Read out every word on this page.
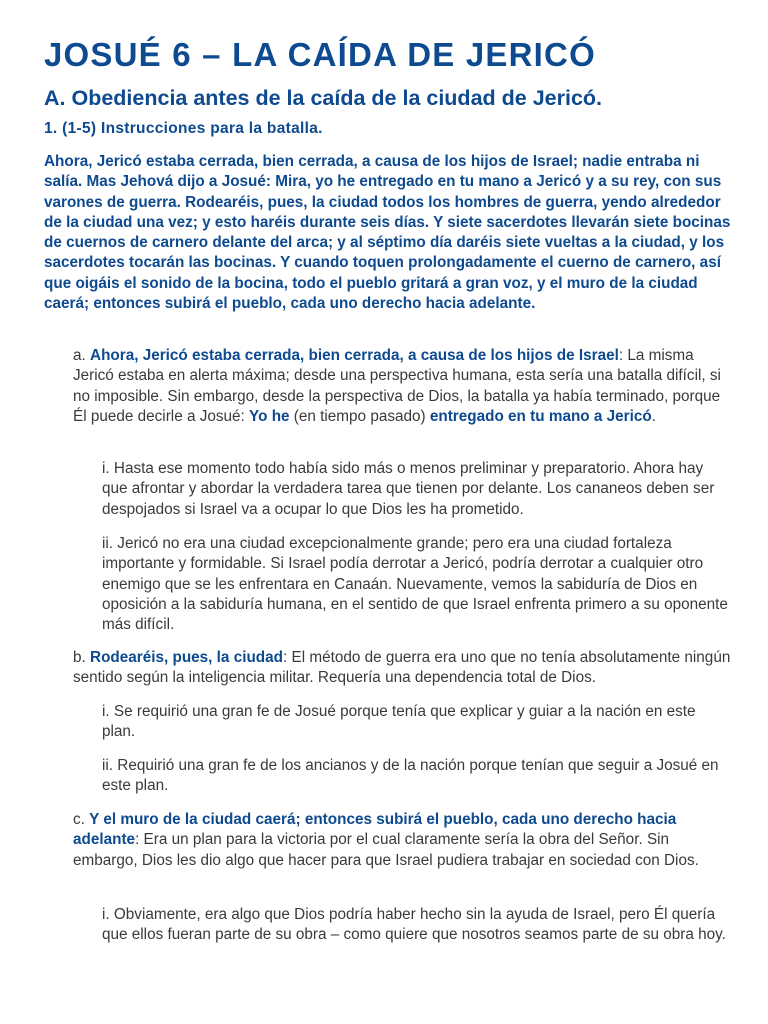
JOSUÉ 6 – LA CAÍDA DE JERICÓ
A. Obediencia antes de la caída de la ciudad de Jericó.
1. (1-5) Instrucciones para la batalla.

Ahora, Jericó estaba cerrada, bien cerrada, a causa de los hijos de Israel; nadie entraba ni salía. Mas Jehová dijo a Josué: Mira, yo he entregado en tu mano a Jericó y a su rey, con sus varones de guerra. Rodearéis, pues, la ciudad todos los hombres de guerra, yendo alrededor de la ciudad una vez; y esto haréis durante seis días. Y siete sacerdotes llevarán siete bocinas de cuernos de carnero delante del arca; y al séptimo día daréis siete vueltas a la ciudad, y los sacerdotes tocarán las bocinas. Y cuando toquen prolongadamente el cuerno de carnero, así que oigáis el sonido de la bocina, todo el pueblo gritará a gran voz, y el muro de la ciudad caerá; entonces subirá el pueblo, cada uno derecho hacia adelante.

a. Ahora, Jericó estaba cerrada, bien cerrada, a causa de los hijos de Israel: La misma Jericó estaba en alerta máxima; desde una perspectiva humana, esta sería una batalla difícil, si no imposible. Sin embargo, desde la perspectiva de Dios, la batalla ya había terminado, porque Él puede decirle a Josué: Yo he (en tiempo pasado) entregado en tu mano a Jericó.

i. Hasta ese momento todo había sido más o menos preliminar y preparatorio. Ahora hay que afrontar y abordar la verdadera tarea que tienen por delante. Los cananeos deben ser despojados si Israel va a ocupar lo que Dios les ha prometido.

ii. Jericó no era una ciudad excepcionalmente grande; pero era una ciudad fortaleza importante y formidable. Si Israel podía derrotar a Jericó, podría derrotar a cualquier otro enemigo que se les enfrentara en Canaán. Nuevamente, vemos la sabiduría de Dios en oposición a la sabiduría humana, en el sentido de que Israel enfrenta primero a su oponente más difícil.

b. Rodearéis, pues, la ciudad: El método de guerra era uno que no tenía absolutamente ningún sentido según la inteligencia militar. Requería una dependencia total de Dios.

i. Se requirió una gran fe de Josué porque tenía que explicar y guiar a la nación en este plan.

ii. Requirió una gran fe de los ancianos y de la nación porque tenían que seguir a Josué en este plan.

c. Y el muro de la ciudad caerá; entonces subirá el pueblo, cada uno derecho hacia adelante: Era un plan para la victoria por el cual claramente sería la obra del Señor. Sin embargo, Dios les dio algo que hacer para que Israel pudiera trabajar en sociedad con Dios.

i. Obviamente, era algo que Dios podría haber hecho sin la ayuda de Israel, pero Él quería que ellos fueran parte de su obra – como quiere que nosotros seamos parte de su obra hoy.
